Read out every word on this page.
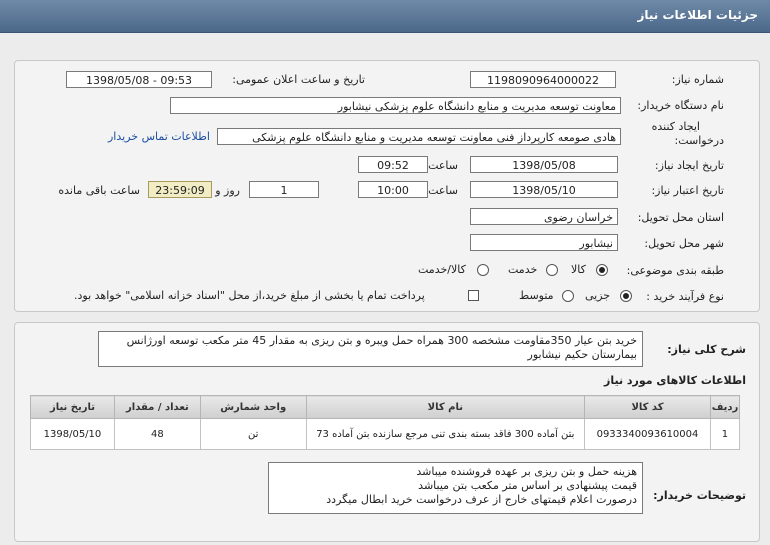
جزئیات اطلاعات نیاز
شماره نیاز:
1198090964000022
تاریخ و ساعت اعلان عمومی:
1398/05/08 - 09:53
نام دستگاه خریدار:
معاونت توسعه مدیریت و منابع دانشگاه علوم پزشکی نیشابور
ایجاد کننده
درخواست:
هادی صومعه کارپرداز فنی معاونت توسعه مدیریت و منابع دانشگاه علوم پزشکی
اطلاعات تماس خریدار
تاریخ ایجاد نیاز:
1398/05/08
ساعت
09:52
تاریخ اعتبار نیاز:
1398/05/10
ساعت
10:00
1
روز و
23:59:09
ساعت باقی مانده
استان محل تحویل:
خراسان رضوی
شهر محل تحویل:
نیشابور
طبقه بندی موضوعی:
کالا
خدمت
کالا/خدمت
نوع فرآیند خرید :
جزیی
متوسط
پرداخت تمام یا بخشی از مبلغ خرید،از محل "اسناد خزانه اسلامی" خواهد بود.
شرح کلی نیاز:
خرید بتن عیار 350مقاومت مشخصه 300 همراه حمل ویبره و بتن ریزی به مقدار 45 متر مکعب توسعه اورژانس بیمارستان حکیم نیشابور
اطلاعات کالاهای مورد نیاز
تاریخ نیاز	تعداد / مقدار	واحد شمارش	نام کالا	کد کالا	ردیف
1398/05/10	48	تن	بتن آماده 300 فاقد بسته بندی تنی مرجع سازنده بتن آماده 73	0933340093610004	1
توضیحات خریدار:
هزینه حمل و بتن ریزی بر عهده فروشنده میباشد
قیمت پیشنهادی بر اساس متر مکعب بتن میباشد
درصورت اعلام قیمتهای خارج از عرف درخواست خرید ابطال میگردد
